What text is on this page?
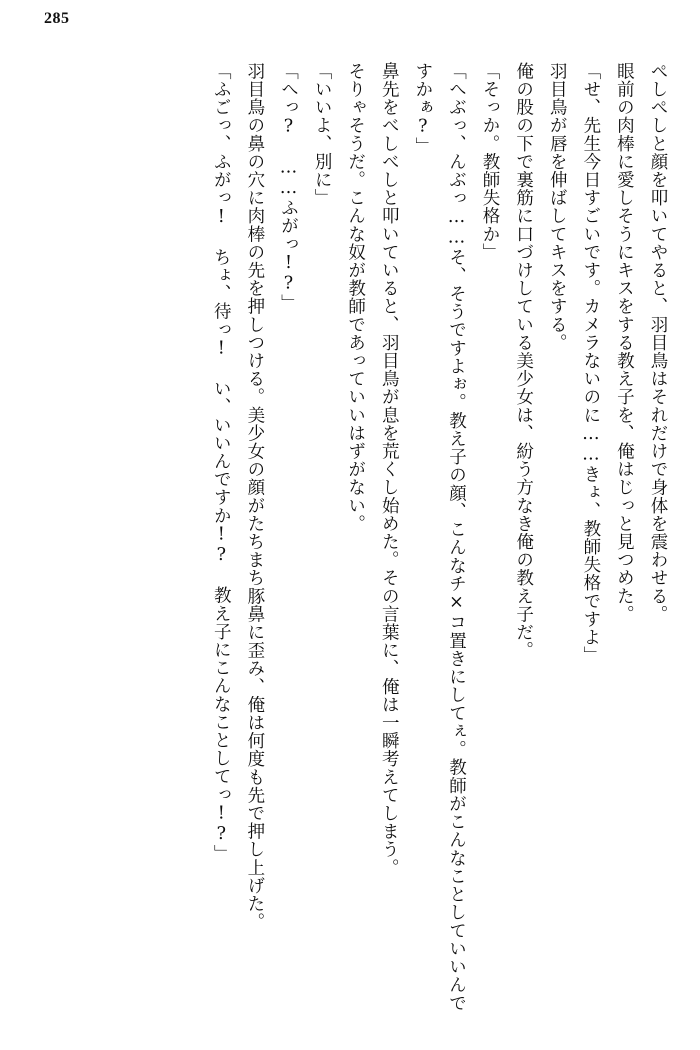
285

ぺしぺしと顔を叩いてやると、羽目鳥はそれだけで身体を震わせる。

眼前の肉棒に愛しそうにキスをする教え子を、俺はじっと見つめた。

「せ、先生今日すごいです。カメラないのに……きょ、教師失格ですよ」

羽目鳥が唇を伸ばしてキスをする。

俺の股の下で裏筋に口づけしている美少女は、紛う方なき俺の教え子だ。

「そっか。教師失格か」

「へぶっ、んぶっ……そ、そうですよぉ。教え子の顔、こんなチ×コ置きにしてぇ。教師がこんなことしていいんですかぁ?」

鼻先をべしべしと叩いていると、羽目鳥が息を荒くし始めた。その言葉に、俺は一瞬考えてしまう。

そりゃそうだ。こんな奴が教師であっていいはずがない。

「いいよ、別に」

「へっ? ……ふがっ!?」

羽目鳥の鼻の穴に肉棒の先を押しつける。美少女の顔がたちまち豚鼻に歪み、俺は何度も先で押し上げた。

「ふごっ、ふがっ! ちょ、待っ! い、いいんですか!? 教え子にこんなことしてっ!?」
